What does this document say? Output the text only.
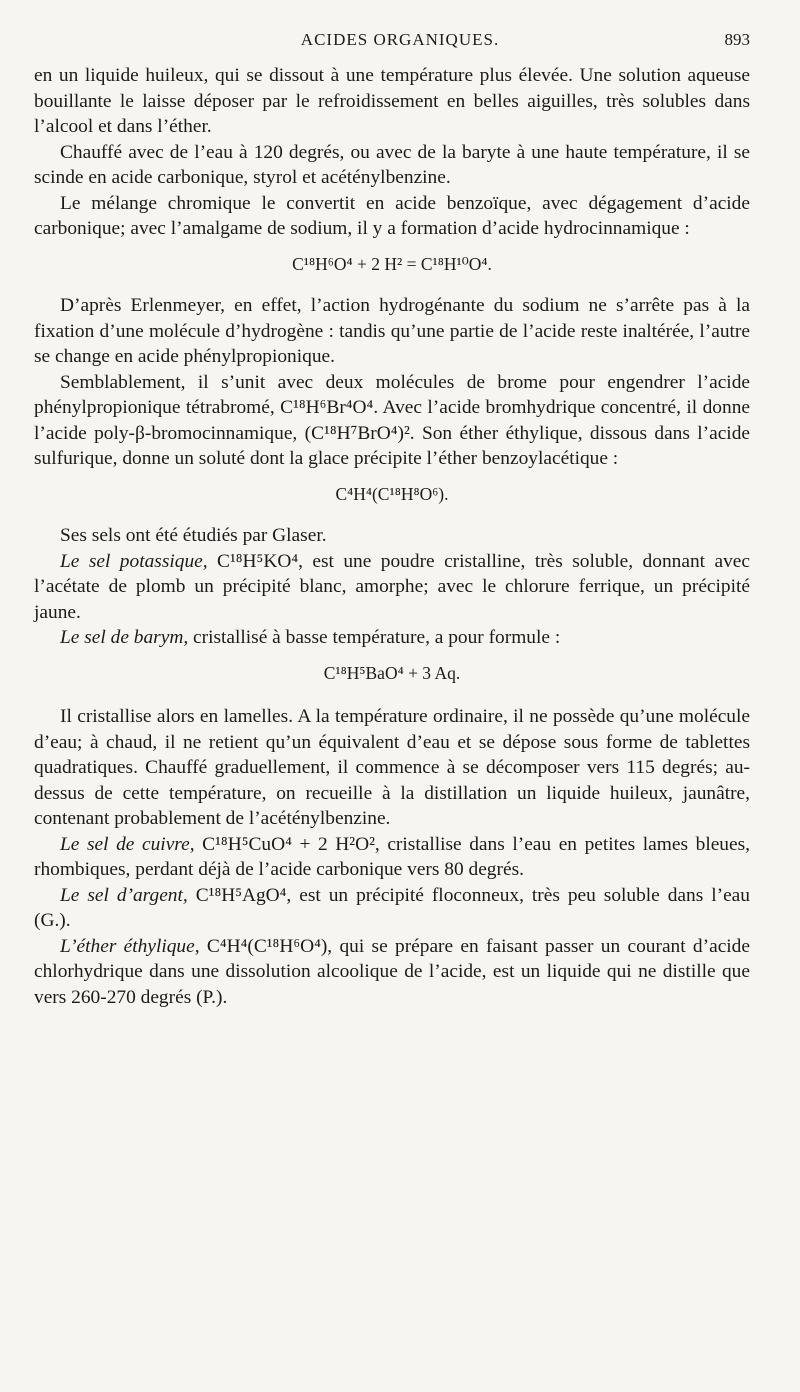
ACIDES ORGANIQUES.	893

en un liquide huileux, qui se dissout à une température plus élevée. Une solution aqueuse bouillante le laisse déposer par le refroidissement en belles aiguilles, très solubles dans l’alcool et dans l’éther.

Chauffé avec de l’eau à 120 degrés, ou avec de la baryte à une haute température, il se scinde en acide carbonique, styrol et acéténylbenzine.

Le mélange chromique le convertit en acide benzoïque, avec dégagement d’acide carbonique; avec l’amalgame de sodium, il y a formation d’acide hydrocinnamique :

C¹⁸H⁶O⁴ + 2 H² = C¹⁸H¹⁰O⁴.

D’après Erlenmeyer, en effet, l’action hydrogénante du sodium ne s’arrête pas à la fixation d’une molécule d’hydrogène : tandis qu’une partie de l’acide reste inaltérée, l’autre se change en acide phénylpropionique.

Semblablement, il s’unit avec deux molécules de brome pour engendrer l’acide phénylpropionique tétrabromé, C¹⁸H⁶Br⁴O⁴. Avec l’acide bromhydrique concentré, il donne l’acide poly-β-bromocinnamique, (C¹⁸H⁷BrO⁴)². Son éther éthylique, dissous dans l’acide sulfurique, donne un soluté dont la glace précipite l’éther benzoylacétique :

C⁴H⁴(C¹⁸H⁸O⁶).

Ses sels ont été étudiés par Glaser.

Le sel potassique, C¹⁸H⁵KO⁴, est une poudre cristalline, très soluble, donnant avec l’acétate de plomb un précipité blanc, amorphe; avec le chlorure ferrique, un précipité jaune.

Le sel de barym, cristallisé à basse température, a pour formule :

C¹⁸H⁵BaO⁴ + 3 Aq.

Il cristallise alors en lamelles. A la température ordinaire, il ne possède qu’une molécule d’eau; à chaud, il ne retient qu’un équivalent d’eau et se dépose sous forme de tablettes quadratiques. Chauffé graduellement, il commence à se décomposer vers 115 degrés; au-dessus de cette température, on recueille à la distillation un liquide huileux, jaunâtre, contenant probablement de l’acéténylbenzine.

Le sel de cuivre, C¹⁸H⁵CuO⁴ + 2 H²O², cristallise dans l’eau en petites lames bleues, rhombiques, perdant déjà de l’acide carbonique vers 80 degrés.

Le sel d’argent, C¹⁸H⁵AgO⁴, est un précipité floconneux, très peu soluble dans l’eau (G.).

L’éther éthylique, C⁴H⁴(C¹⁸H⁶O⁴), qui se prépare en faisant passer un courant d’acide chlorhydrique dans une dissolution alcoolique de l’acide, est un liquide qui ne distille que vers 260-270 degrés (P.).
